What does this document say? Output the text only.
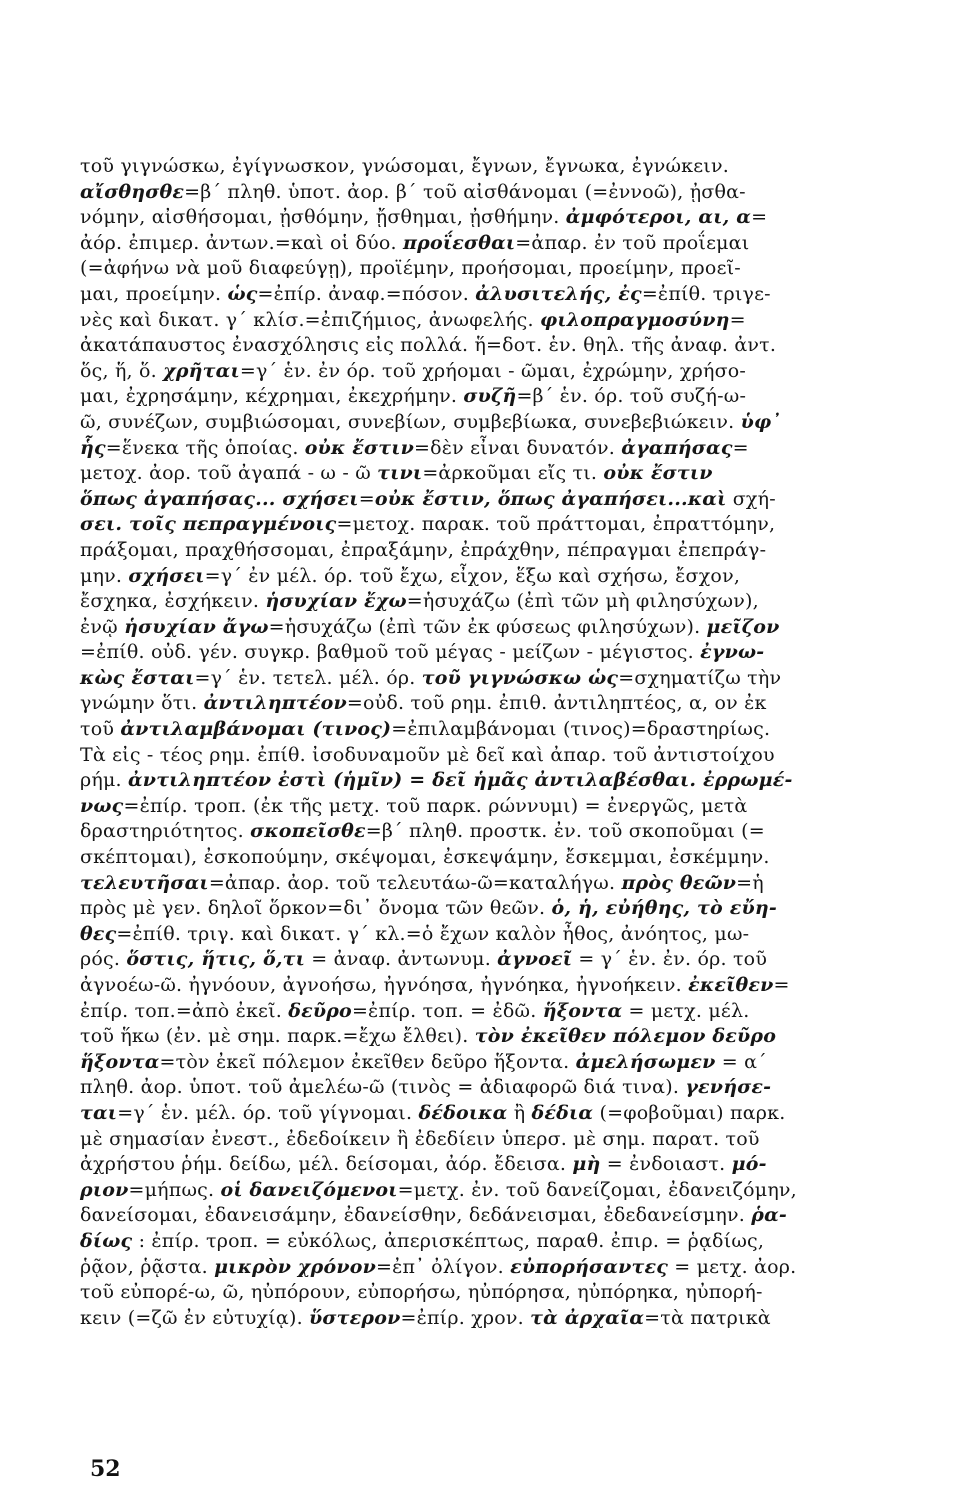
τοῦ γιγνώσκω, ἐγίγνωσκον, γνώσομαι, ἔγνων, ἔγνωκα, ἐγνώκειν.
αἴσθησθε=β΄ πληθ. ὑποτ. ἀορ. β΄ τοῦ αἰσθάνομαι (=ἐννοῶ), ᾐσθα-
νόμην, αἰσθήσομαι, ᾐσθόμην, ᾔσθημαι, ᾐσθήμην. ἀμφότεροι, αι, α=
ἀόρ. ἐπιμερ. ἀντων.=καὶ οἱ δύο. προΐεσθαι=ἀπαρ. ἐν τοῦ προΐεμαι
(=ἀφήνω νὰ μοῦ διαφεύγῃ), προϊέμην, προήσομαι, προείμην, προεῖ-
μαι, προείμην. ὡς=ἐπίρ. ἀναφ.=πόσον. ἀλυσιτελής, ἐς=ἐπίθ. τριγε-
νὲς καὶ δικατ. γ΄ κλίσ.=ἐπιζήμιος, ἀνωφελής. φιλοπραγμοσύνη=
ἀκατάπαυστος ἐνασχόλησις εἰς πολλά. ἥ=δοτ. ἑν. θηλ. τῆς ἀναφ. ἀντ.
ὅς, ἥ, ὅ. χρῆται=γ΄ ἑν. ἐν όρ. τοῦ χρήομαι - ῶμαι, ἐχρώμην, χρήσο-
μαι, ἐχρησάμην, κέχρημαι, ἐκεχρήμην. συζῆ=β΄ ἑν. όρ. τοῦ συζή-ω-
ῶ, συνέζων, συμβιώσομαι, συνεβίων, συμβεβίωκα, συνεβεβιώκειν. ὑφ᾽
ἧς=ἕνεκα τῆς ὁποίας. οὐκ ἔστιν=δὲν εἶναι δυνατόν. ἀγαπήσας=
μετοχ. ἀορ. τοῦ ἀγαπά - ω - ῶ τινι=ἀρκοῦμαι εἴς τι. οὐκ ἔστιν
ὅπως ἀγαπήσας... σχήσει=οὐκ ἔστιν, ὅπως ἀγαπήσει...καὶ σχή-
σει. τοῖς πεπραγμένοις=μετοχ. παρακ. τοῦ πράττομαι, ἐπραττόμην,
πράξομαι, πραχθήσσομαι, ἐπραξάμην, ἐπράχθην, πέπραγμαι ἐπεπράγ-
μην. σχήσει=γ΄ ἐν μέλ. όρ. τοῦ ἔχω, εἶχον, ἕξω καὶ σχήσω, ἔσχον,
ἔσχηκα, ἐσχήκειν. ἡσυχίαν ἔχω=ἡσυχάζω (ἐπὶ τῶν μὴ φιλησύχων),
ἐνῷ ἡσυχίαν ἄγω=ἡσυχάζω (ἐπὶ τῶν ἐκ φύσεως φιλησύχων). μεῖζον
=ἐπίθ. οὐδ. γέν. συγκρ. βαθμοῦ τοῦ μέγας - μείζων - μέγιστος. ἐγνω-
κὼς ἔσται=γ΄ ἑν. τετελ. μέλ. όρ. τοῦ γιγνώσκω ὡς=σχηματίζω τὴν
γνώμην ὅτι. ἀντιληπτέον=οὐδ. τοῦ ρημ. ἐπιθ. ἀντιληπτέος, α, ον ἐκ
τοῦ ἀντιλαμβάνομαι (τινος)=ἐπιλαμβάνομαι (τινος)=δραστηρίως.
Τὰ εἰς - τέος ρημ. ἐπίθ. ἰσοδυναμοῦν μὲ δεῖ καὶ ἀπαρ. τοῦ ἀντιστοίχου
ρήμ. ἀντιληπτέον ἐστὶ (ἡμῖν) = δεῖ ἡμᾶς ἀντιλαβέσθαι. ἐρρωμέ-
νως=ἐπίρ. τροπ. (ἐκ τῆς μετχ. τοῦ παρκ. ρώννυμι) = ἐνεργῶς, μετὰ
δραστηριότητος. σκοπεῖσθε=β΄ πληθ. προστκ. ἐν. τοῦ σκοποῦμαι (=
σκέπτομαι), ἐσκοπούμην, σκέψομαι, ἐσκεψάμην, ἔσκεμμαι, ἐσκέμμην.
τελευτῆσαι=ἀπαρ. ἀορ. τοῦ τελευτάω-ῶ=καταλήγω. πρὸς θεῶν=ἡ
πρὸς μὲ γεν. δηλοῖ ὅρκον=δι᾽ ὄνομα τῶν θεῶν. ὁ, ἡ, εὐήθης, τὸ εὔη-
θες=ἐπίθ. τριγ. καὶ δικατ. γ΄ κλ.=ὁ ἔχων καλὸν ἦθος, ἀνόητος, μω-
ρός. ὅστις, ἥτις, ὅ,τι = ἀναφ. ἀντωνυμ. ἀγνοεῖ = γ΄ ἑν. ἐν. όρ. τοῦ
ἀγνοέω-ῶ. ἠγνόουν, ἀγνοήσω, ἠγνόησα, ἠγνόηκα, ἠγνοήκειν. ἐκεῖθεν=
ἐπίρ. τοπ.=ἀπὸ ἐκεῖ. δεῦρο=ἐπίρ. τοπ. = ἐδῶ. ἥξοντα = μετχ. μέλ.
τοῦ ἥκω (ἐν. μὲ σημ. παρκ.=ἔχω ἔλθει). τὸν ἐκεῖθεν πόλεμον δεῦρο
ἥξοντα=τὸν ἐκεῖ πόλεμον ἐκεῖθεν δεῦρο ἥξοντα. ἀμελήσωμεν = α΄
πληθ. ἀορ. ὑποτ. τοῦ ἀμελέω-ῶ (τινὸς = ἀδιαφορῶ διά τινα). γενήσε-
ται=γ΄ ἑν. μέλ. όρ. τοῦ γίγνομαι. δέδοικα ἢ δέδια (=φοβοῦμαι) παρκ.
μὲ σημασίαν ἐνεστ., ἐδεδοίκειν ἢ ἐδεδίειν ὑπερσ. μὲ σημ. παρατ. τοῦ
ἀχρήστου ῥήμ. δείδω, μέλ. δείσομαι, ἀόρ. ἔδεισα. μὴ = ἐνδοιαστ. μό-
ριον=μήπως. οἱ δανειζόμενοι=μετχ. ἐν. τοῦ δανείζομαι, ἐδανειζόμην,
δανείσομαι, ἐδανεισάμην, ἐδανείσθην, δεδάνεισμαι, ἐδεδανείσμην. ῥα-
δίως : ἐπίρ. τροπ. = εὐκόλως, ἀπερισκέπτως, παραθ. ἐπιρ. = ῥᾳδίως,
ῥᾷον, ῥᾷστα. μικρὸν χρόνον=ἐπ᾽ ὀλίγον. εὐπορήσαντες = μετχ. ἀορ.
τοῦ εὐπορέ-ω, ῶ, ηὐπόρουν, εὐπορήσω, ηὐπόρησα, ηὐπόρηκα, ηὐπορή-
κειν (=ζῶ ἐν εὐτυχίᾳ). ὕστερον=ἐπίρ. χρον. τὰ ἀρχαῖα=τὰ πατρικὰ
52
